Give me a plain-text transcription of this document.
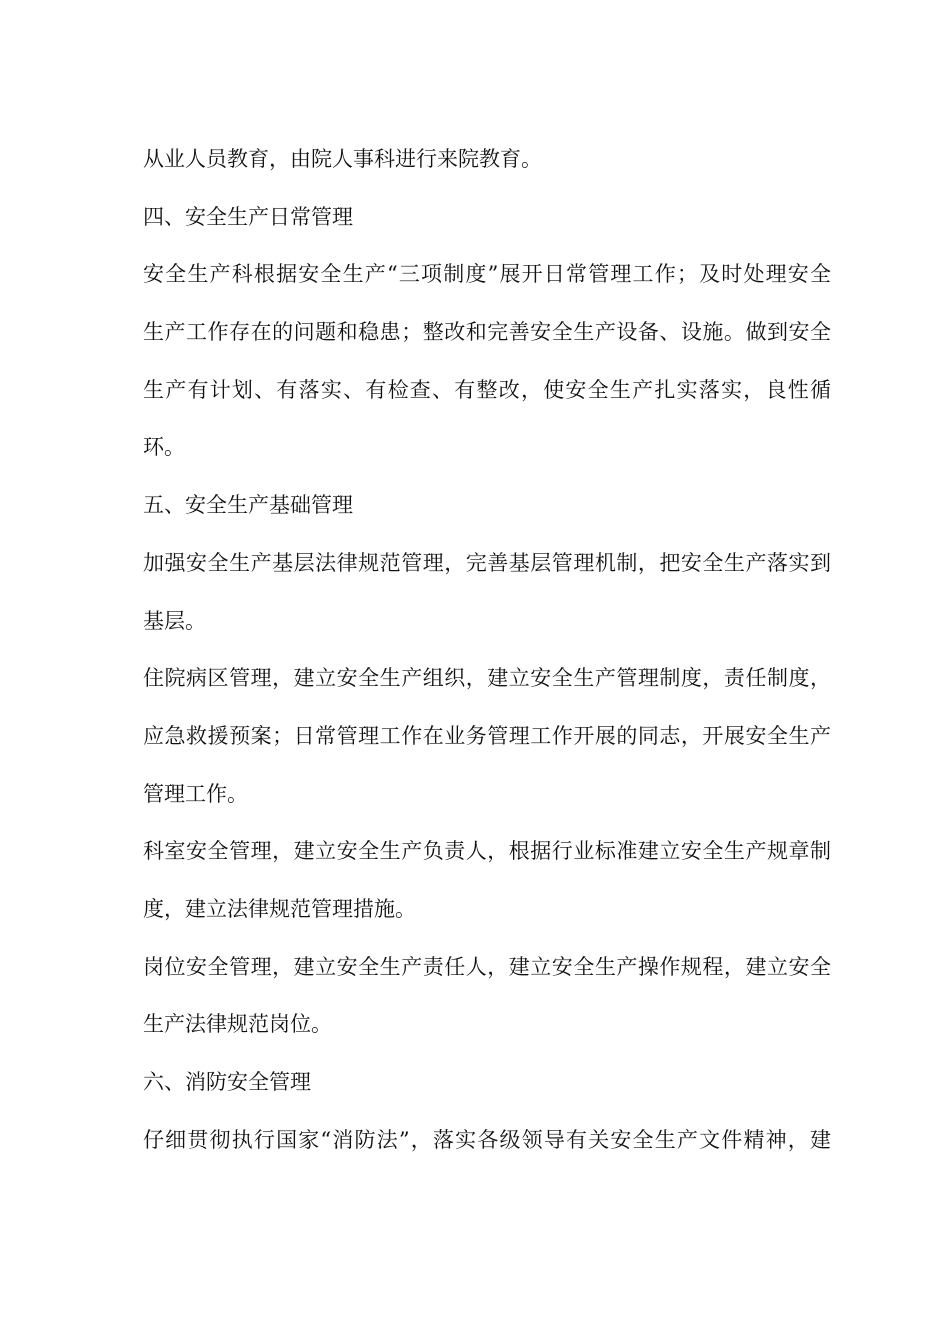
从业人员教育，由院人事科进行来院教育。
四、安全生产日常管理
安全生产科根据安全生产“三项制度”展开日常管理工作；及时处理安全
生产工作存在的问题和稳患；整改和完善安全生产设备、设施。做到安全
生产有计划、有落实、有检查、有整改，使安全生产扎实落实，良性循
环。
五、安全生产基础管理
加强安全生产基层法律规范管理，完善基层管理机制，把安全生产落实到
基层。
住院病区管理，建立安全生产组织，建立安全生产管理制度，责任制度，
应急救援预案；日常管理工作在业务管理工作开展的同志，开展安全生产
管理工作。
科室安全管理，建立安全生产负责人，根据行业标准建立安全生产规章制
度，建立法律规范管理措施。
岗位安全管理，建立安全生产责任人，建立安全生产操作规程，建立安全
生产法律规范岗位。
六、消防安全管理
仔细贯彻执行国家“消防法”，落实各级领导有关安全生产文件精神，建
